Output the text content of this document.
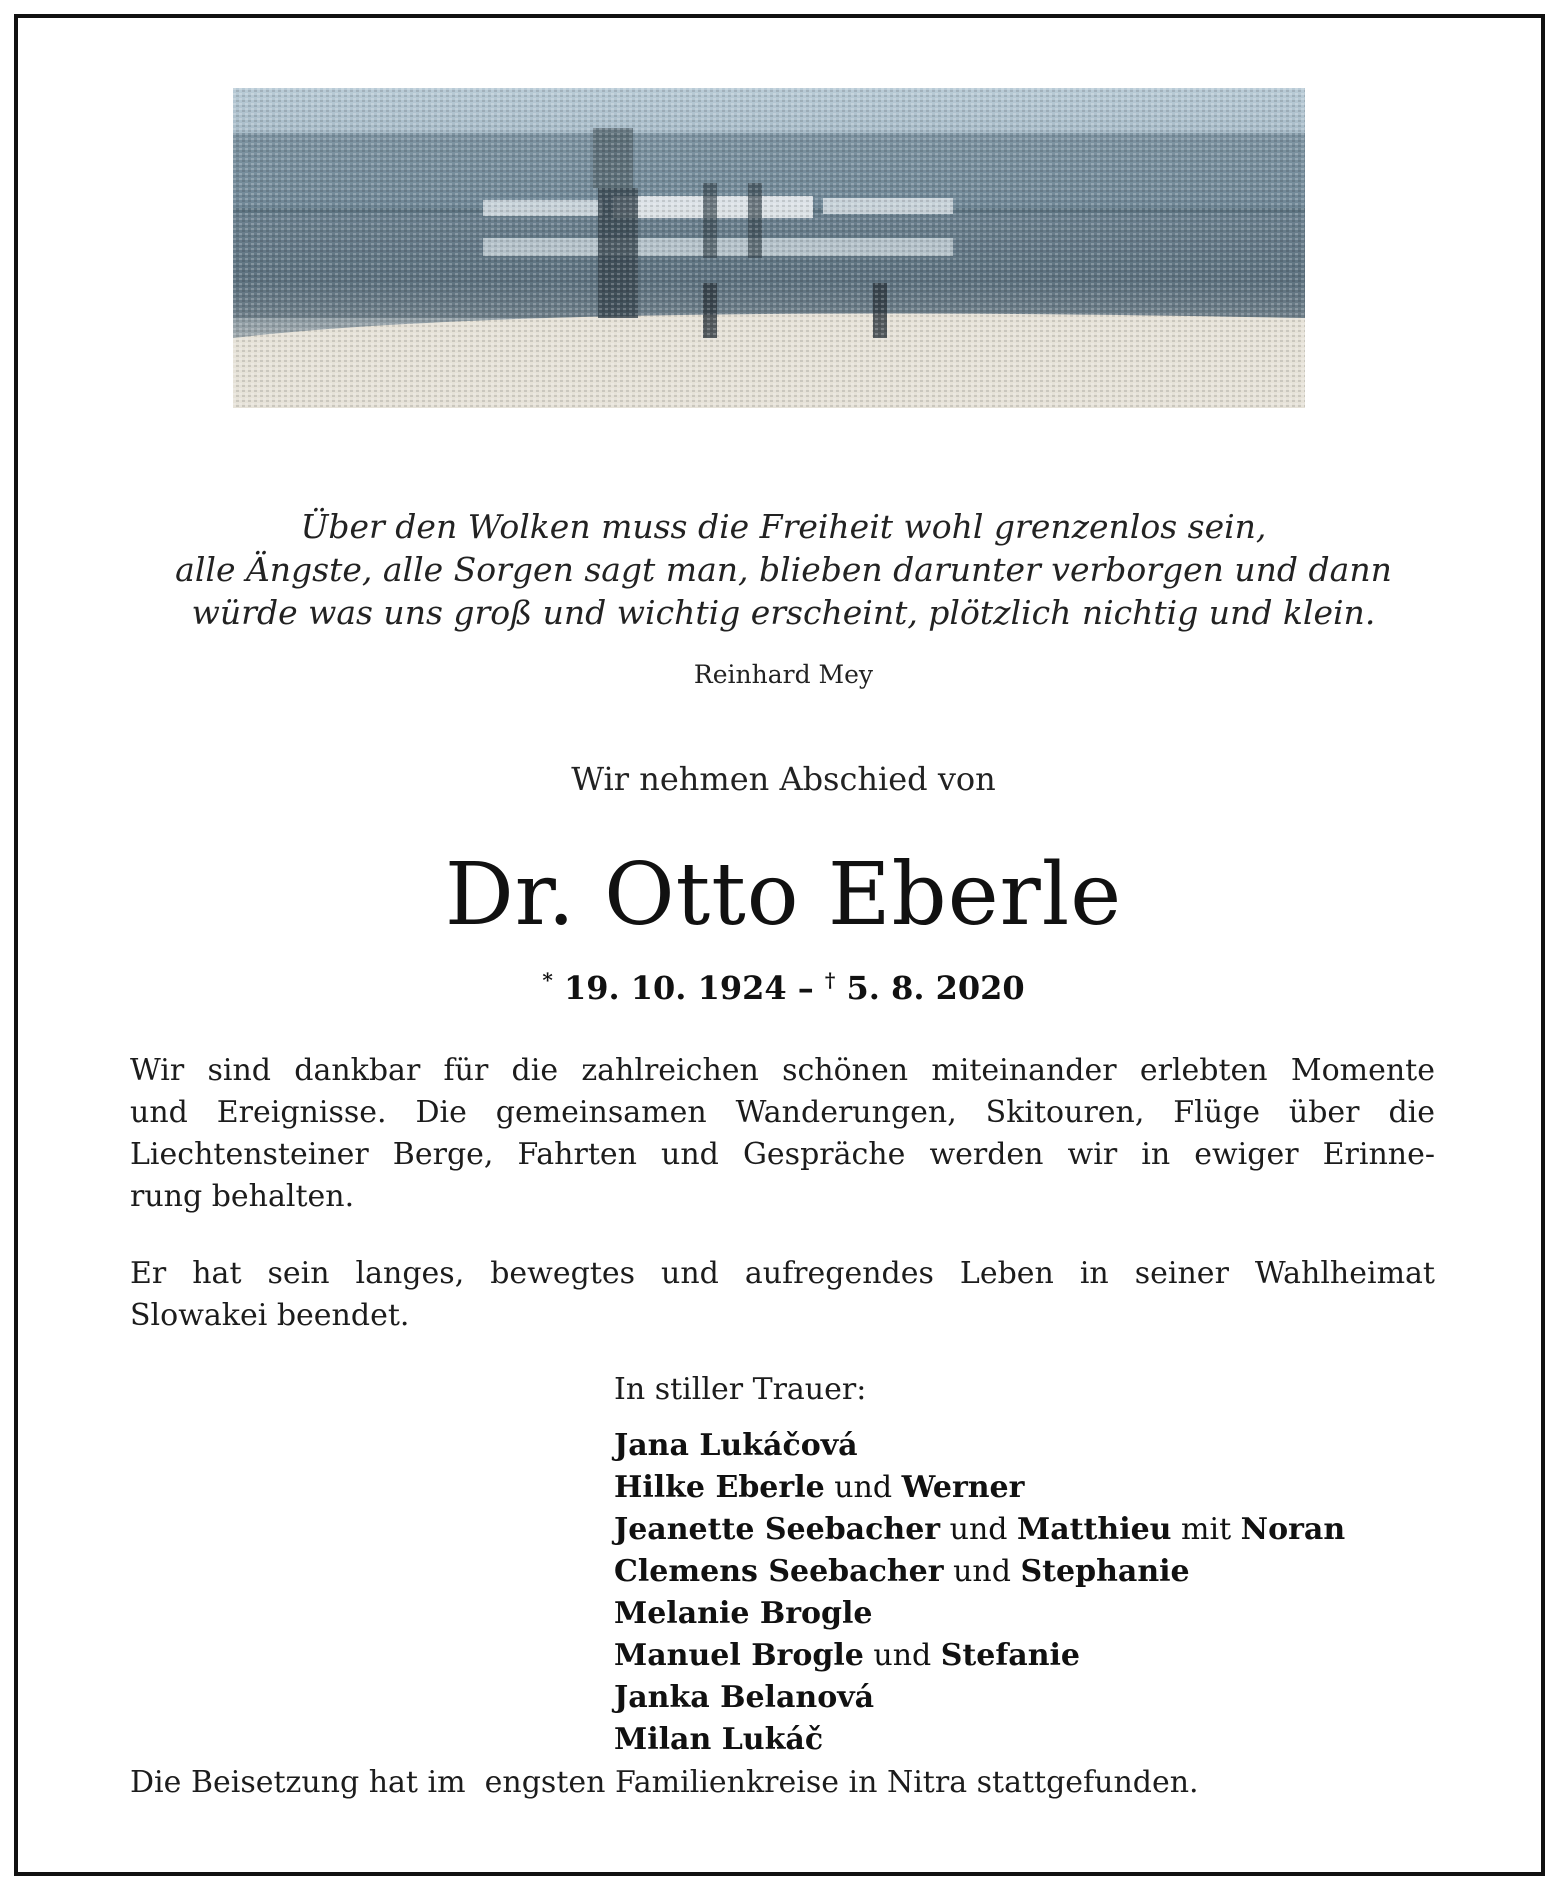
Über den Wolken muss die Freiheit wohl grenzenlos sein,
alle Ängste, alle Sorgen sagt man, blieben darunter verborgen und dann
würde was uns groß und wichtig erscheint, plötzlich nichtig und klein.
Reinhard Mey
Wir nehmen Abschied von
Dr. Otto Eberle
* 19. 10. 1924 – † 5. 8. 2020
Wir sind dankbar für die zahlreichen schönen miteinander erlebten Momente
und Ereignisse. Die gemeinsamen Wanderungen, Skitouren, Flüge über die
Liechtensteiner Berge, Fahrten und Gespräche werden wir in ewiger Erinne-
rung behalten.
Er hat sein langes, bewegtes und aufregendes Leben in seiner Wahlheimat
Slowakei beendet.
In stiller Trauer:
Jana Lukáčová
Hilke Eberle und Werner
Jeanette Seebacher und Matthieu mit Noran
Clemens Seebacher und Stephanie
Melanie Brogle
Manuel Brogle und Stefanie
Janka Belanová
Milan Lukáč
Die Beisetzung hat im  engsten Familienkreise in Nitra stattgefunden.
